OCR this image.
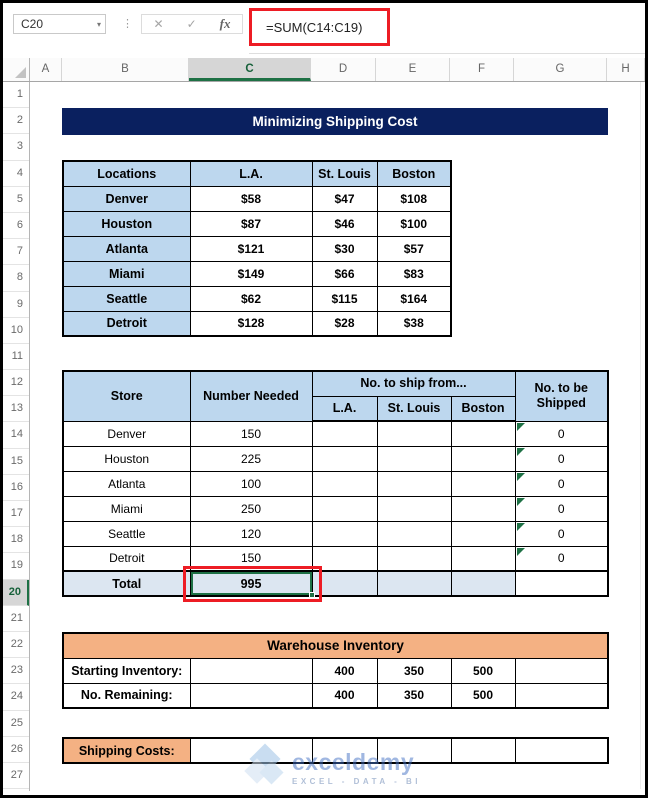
C20	▾ ⋮ ✕ ✓ fx	=SUM(C14:C19)
A	B	C	D	E	F	G	H
1
2
3
4
5
6
7
8
9
10
11
12
13
14
15
16
17
18
19
20
21
22
23
24
25
26
27
Minimizing Shipping Cost
Locations	L.A.	St. Louis	Boston
Denver	$58	$47	$108
Houston	$87	$46	$100
Atlanta	$121	$30	$57
Miami	$149	$66	$83
Seattle	$62	$115	$164
Detroit	$128	$28	$38
Store	Number Needed	No. to ship from...			No. to be Shipped
		L.A.	St. Louis	Boston	
Denver	150				0
Houston	225				0
Atlanta	100				0
Miami	250				0
Seattle	120				0
Detroit	150				0
Total	995

Warehouse Inventory					
Starting Inventory:		400	350	500	
No. Remaining:		400	350	500	
Shipping Costs:						exceldemy
EXCEL - DATA - BI
